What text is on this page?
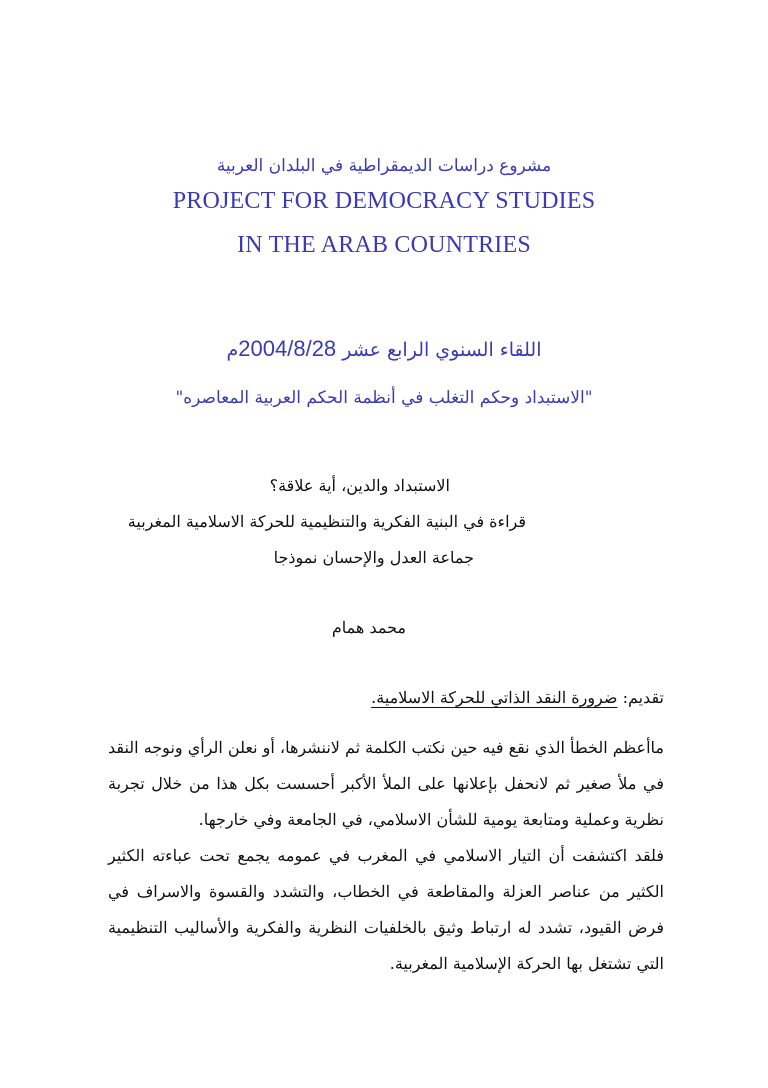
مشروع دراسات الديمقراطية في البلدان العربية
PROJECT FOR DEMOCRACY STUDIES
IN THE ARAB COUNTRIES
اللقاء السنوي الرابع عشر 2004/8/28م
"الاستبداد وحكم التغلب في أنظمة الحكم العربية المعاصره"
الاستبداد والدين، أية علاقة؟
قراءة في البنية الفكرية والتنظيمية للحركة الاسلامية المغربية
جماعة العدل والإحسان نموذجا
محمد همام
تقديم: ضرورة النقد الذاتي للحركة الاسلامية.

ماأعظم الخطأ الذي نقع فيه حين نكتب الكلمة ثم لاننشرها، أو نعلن الرأي ونوجه النقد في ملأ صغير ثم لانحفل بإعلانها على الملأ الأكبر أحسست بكل هذا من خلال تجربة نظرية وعملية ومتابعة يومية للشأن الاسلامي، في الجامعة وفي خارجها.

فلقد اكتشفت أن التيار الاسلامي في المغرب في عمومه يجمع تحت عباءته الكثير الكثير من عناصر العزلة والمقاطعة في الخطاب، والتشدد والقسوة والاسراف في فرض القيود، تشدد له ارتباط وثيق بالخلفيات النظرية والفكرية والأساليب التنظيمية التي تشتغل بها الحركة الإسلامية المغربية.
